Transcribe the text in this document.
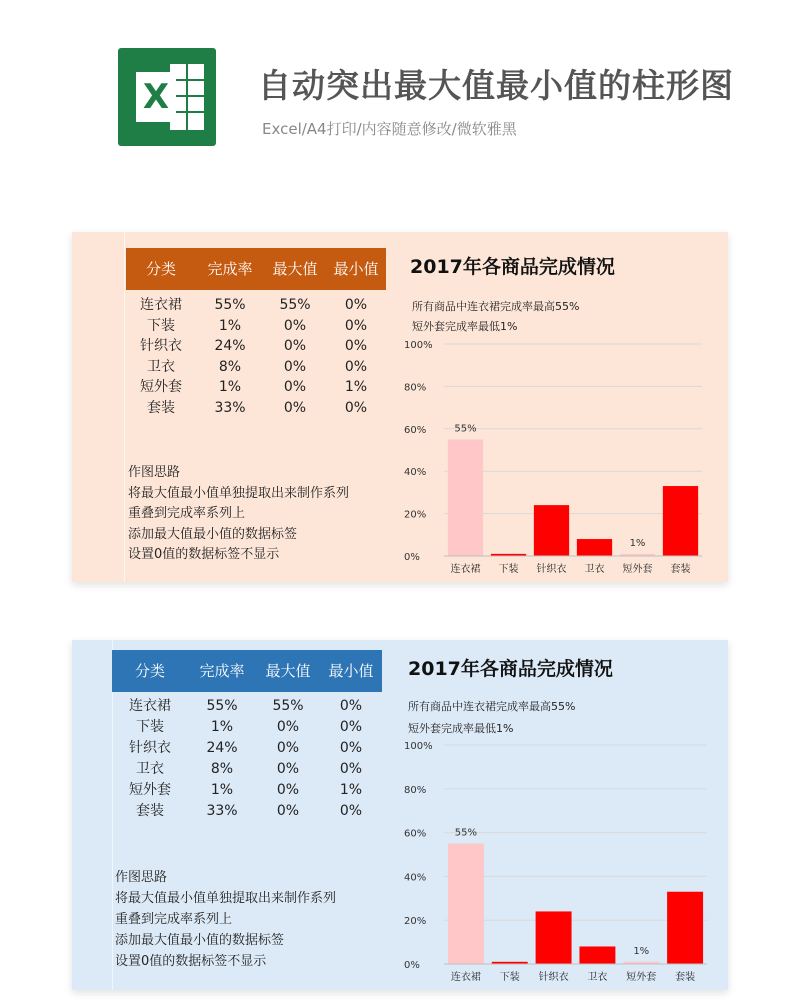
X	自动突出最大值最小值的柱形图
Excel/A4打印/内容随意修改/微软雅黑
分类	完成率	最大值	最小值
连衣裙	55%	55%	0%
下装	1%	0%	0%
针织衣	24%	0%	0%
卫衣	8%	0%	0%
短外套	1%	0%	1%
套装	33%	0%	0%
作图思路
将最大值最小值单独提取出来制作系列
重叠到完成率系列上
添加最大值最小值的数据标签
设置0值的数据标签不显示
2017年各商品完成情况
所有商品中连衣裙完成率最高55%
短外套完成率最低1%
0%
20%
40%
60%
80%
100%
连衣裙
55%
下装 针织衣 卫衣 短外套
1%
套装
分类	完成率	最大值	最小值
连衣裙	55%	55%	0%
下装	1%	0%	0%
针织衣	24%	0%	0%
卫衣	8%	0%	0%
短外套	1%	0%	1%
套装	33%	0%	0%
作图思路
将最大值最小值单独提取出来制作系列
重叠到完成率系列上
添加最大值最小值的数据标签
设置0值的数据标签不显示
2017年各商品完成情况
所有商品中连衣裙完成率最高55%
短外套完成率最低1%
0%
20%
40%
60%
80%
100%
连衣裙
55%
下装 针织衣 卫衣 短外套
1%
套装
